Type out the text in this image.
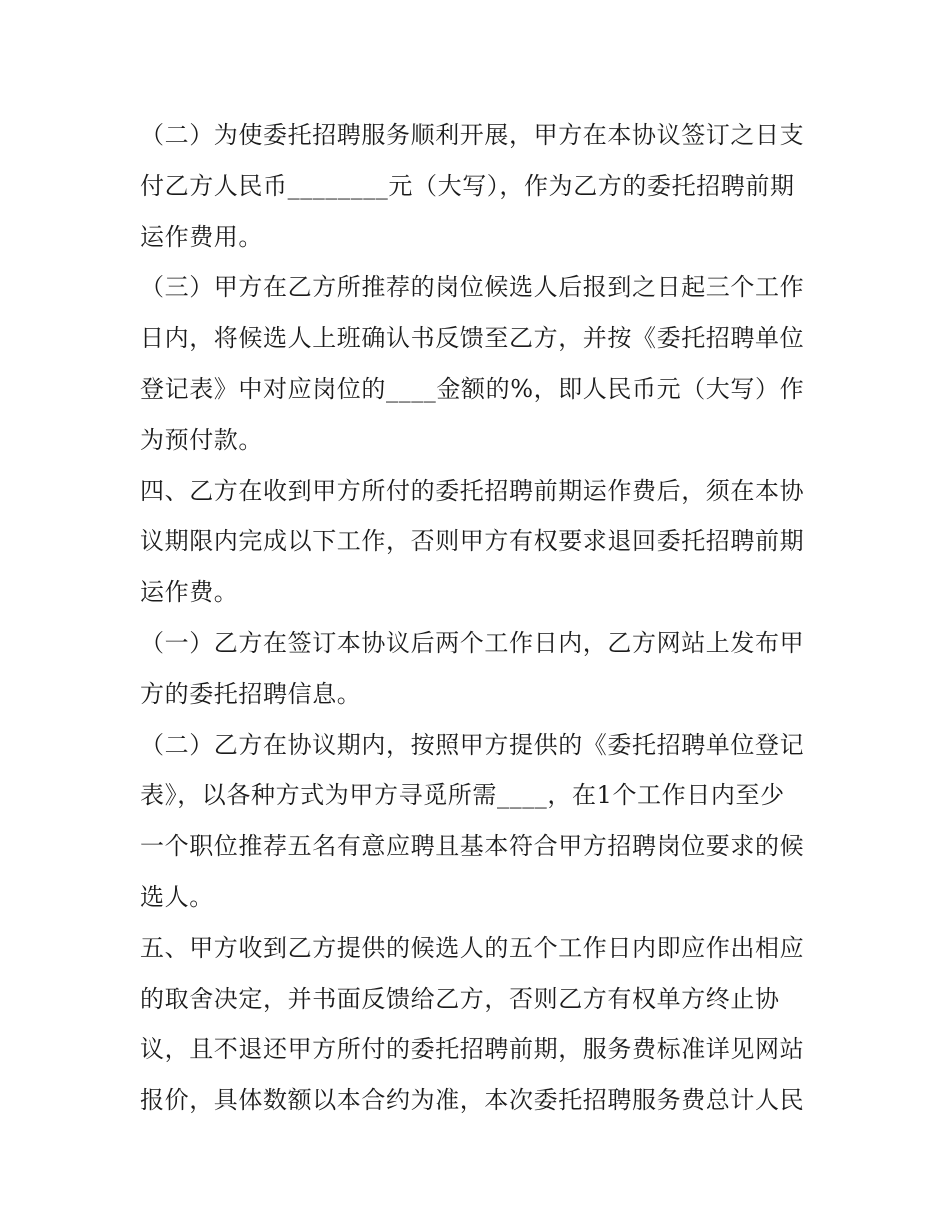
（二）为使委托招聘服务顺利开展，甲方在本协议签订之日支
付乙方人民币________元（大写），作为乙方的委托招聘前期
运作费用。
（三）甲方在乙方所推荐的岗位候选人后报到之日起三个工作
日内，将候选人上班确认书反馈至乙方，并按《委托招聘单位
登记表》中对应岗位的____金额的%，即人民币元（大写）作
为预付款。
四、乙方在收到甲方所付的委托招聘前期运作费后，须在本协
议期限内完成以下工作，否则甲方有权要求退回委托招聘前期
运作费。
（一）乙方在签订本协议后两个工作日内，乙方网站上发布甲
方的委托招聘信息。
（二）乙方在协议期内，按照甲方提供的《委托招聘单位登记
表》，以各种方式为甲方寻觅所需____，在1个工作日内至少
一个职位推荐五名有意应聘且基本符合甲方招聘岗位要求的候
选人。
五、甲方收到乙方提供的候选人的五个工作日内即应作出相应
的取舍决定，并书面反馈给乙方，否则乙方有权单方终止协
议，且不退还甲方所付的委托招聘前期，服务费标准详见网站
报价，具体数额以本合约为准，本次委托招聘服务费总计人民
